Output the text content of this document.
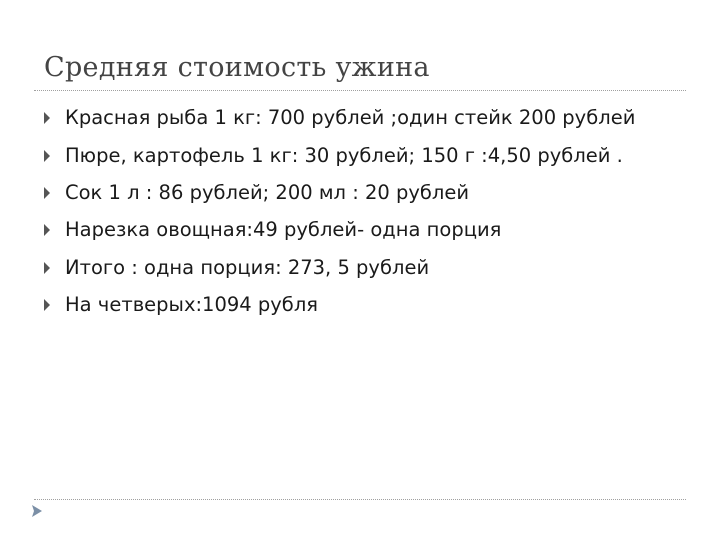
Средняя стоимость ужина
Красная рыба 1 кг: 700 рублей ;один стейк 200 рублей
Пюре, картофель 1 кг: 30 рублей; 150 г :4,50 рублей .
Сок 1 л : 86 рублей; 200 мл : 20 рублей
Нарезка овощная:49 рублей- одна порция
Итого : одна порция: 273, 5 рублей
На четверых:1094 рубля
